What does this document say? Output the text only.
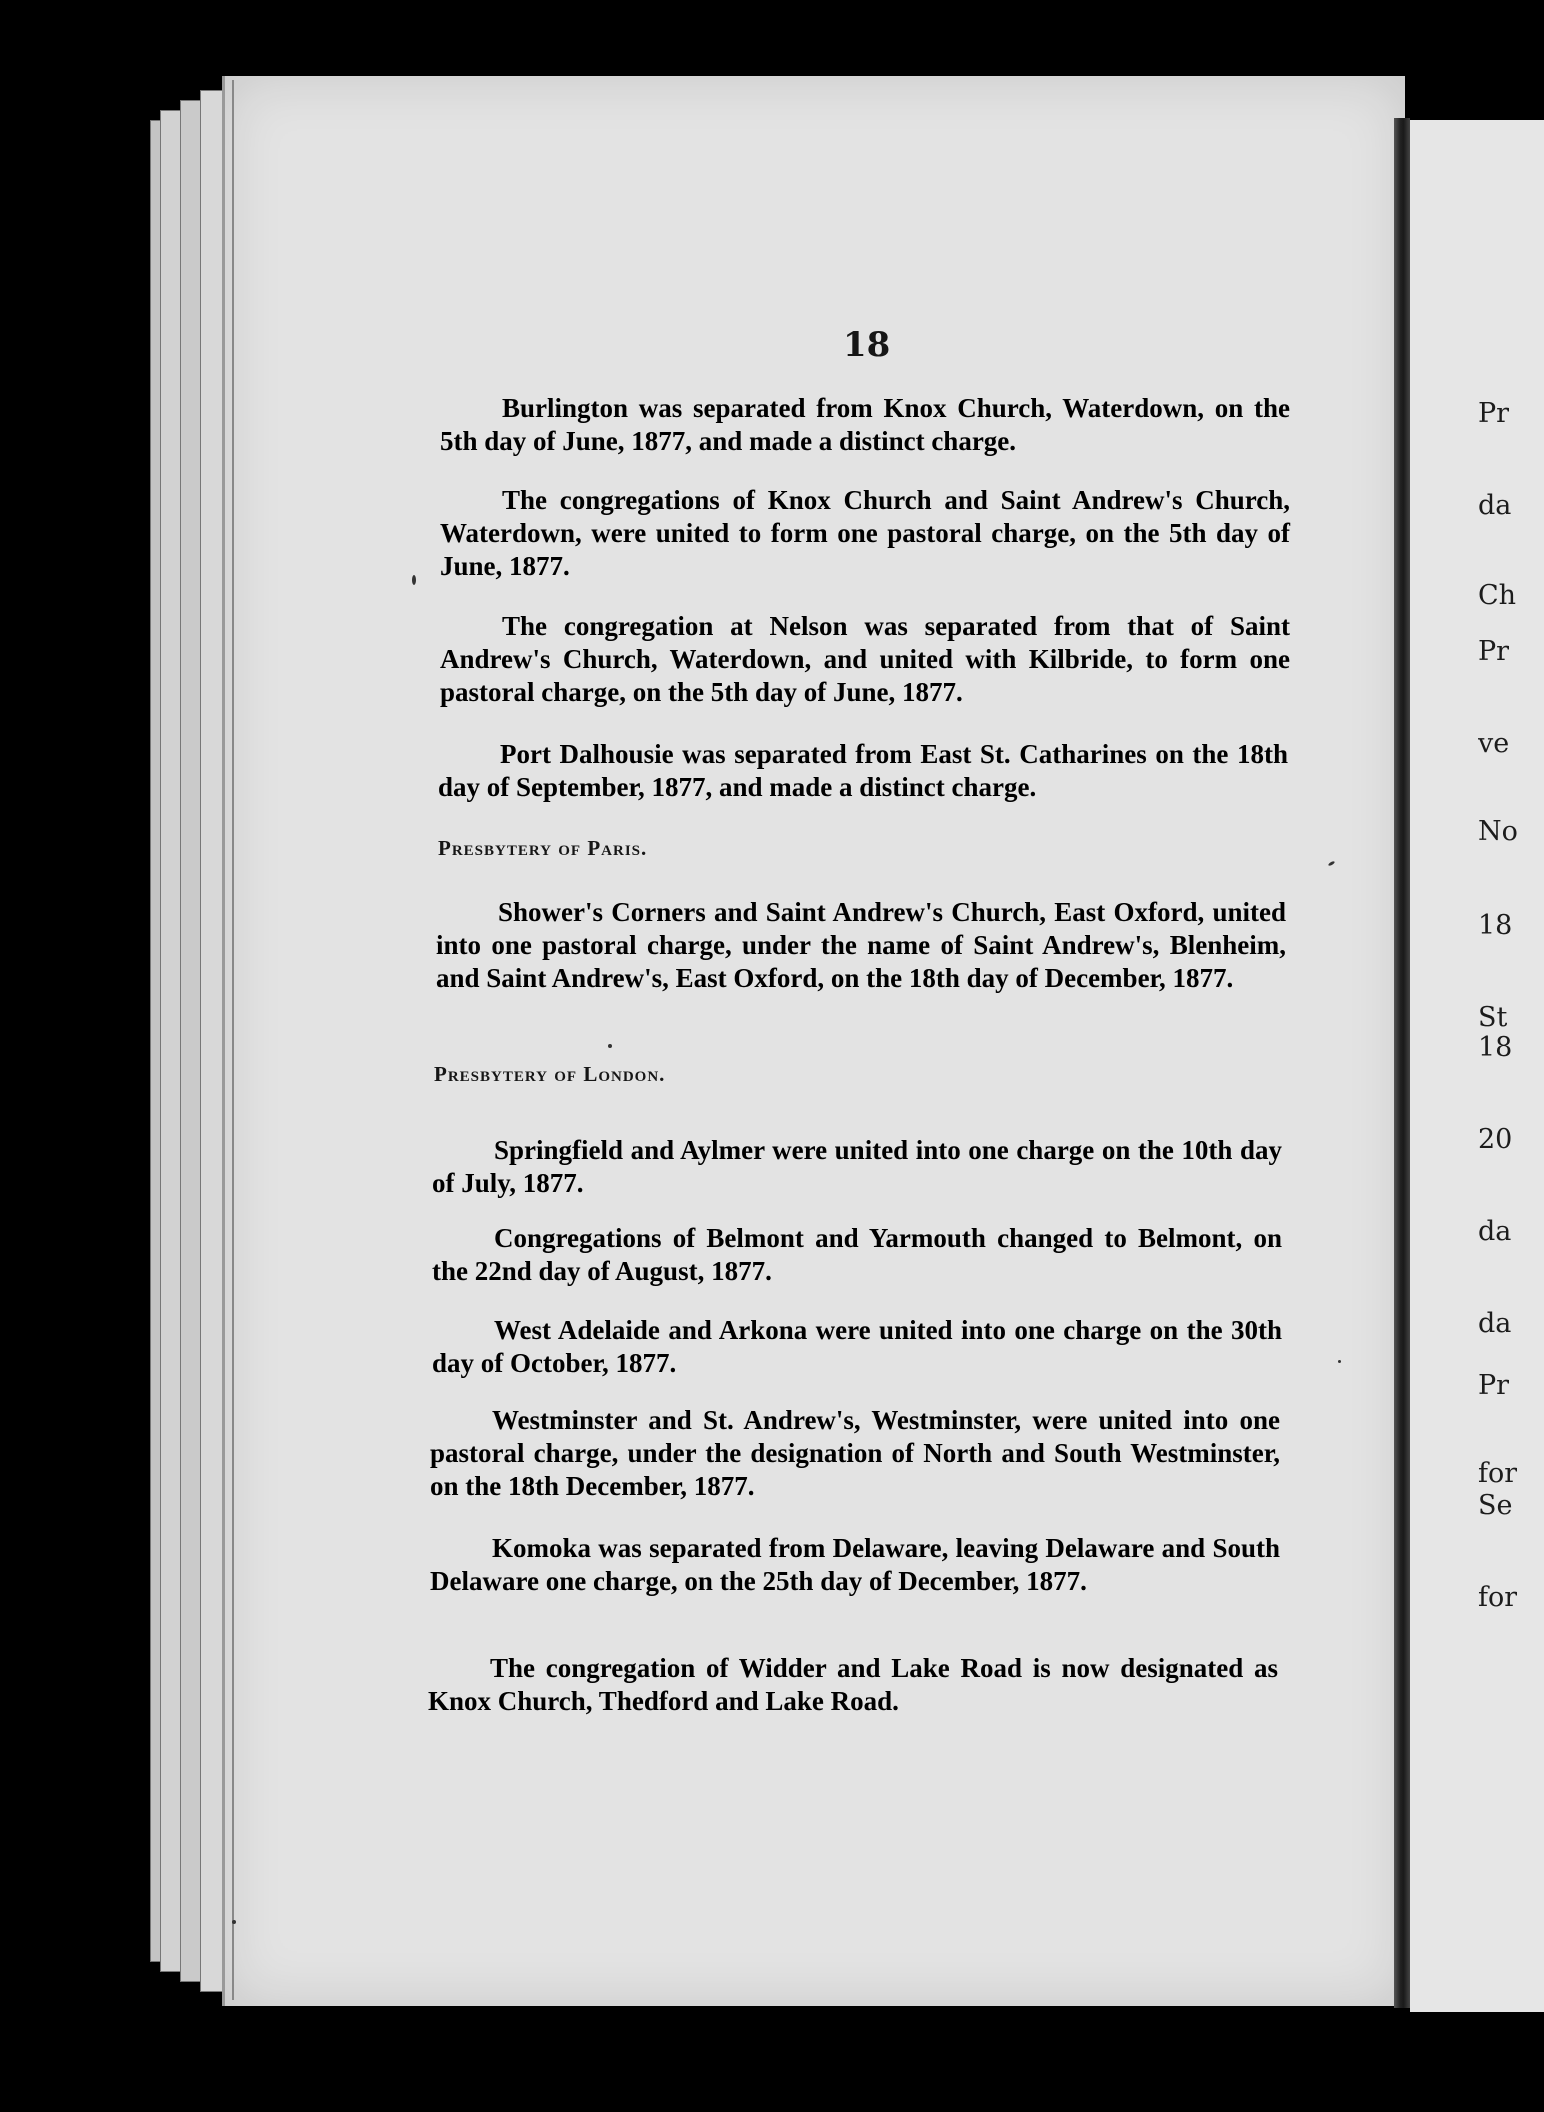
Pr
da
Ch
Pr
ve
No
18
St
18
20
da
da
Pr
for
Se
for
18
Burlington was separated from Knox Church, Waterdown, on the 5th day of June, 1877, and made a distinct charge.
The congregations of Knox Church and Saint Andrew's Church, Waterdown, were united to form one pastoral charge, on the 5th day of June, 1877.
The congregation at Nelson was separated from that of Saint Andrew's Church, Waterdown, and united with Kilbride, to form one pastoral charge, on the 5th day of June, 1877.
Port Dalhousie was separated from East St. Catharines on the 18th day of September, 1877, and made a distinct charge.
Presbytery of Paris.
Shower's Corners and Saint Andrew's Church, East Oxford, united into one pastoral charge, under the name of Saint Andrew's, Blenheim, and Saint Andrew's, East Oxford, on the 18th day of December, 1877.
Presbytery of London.
Springfield and Aylmer were united into one charge on the 10th day of July, 1877.
Congregations of Belmont and Yarmouth changed to Belmont, on the 22nd day of August, 1877.
West Adelaide and Arkona were united into one charge on the 30th day of October, 1877.
Westminster and St. Andrew's, Westminster, were united into one pastoral charge, under the designation of North and South Westminster, on the 18th December, 1877.
Komoka was separated from Delaware, leaving Delaware and South Delaware one charge, on the 25th day of December, 1877.
The congregation of Widder and Lake Road is now designated as Knox Church, Thedford and Lake Road.
